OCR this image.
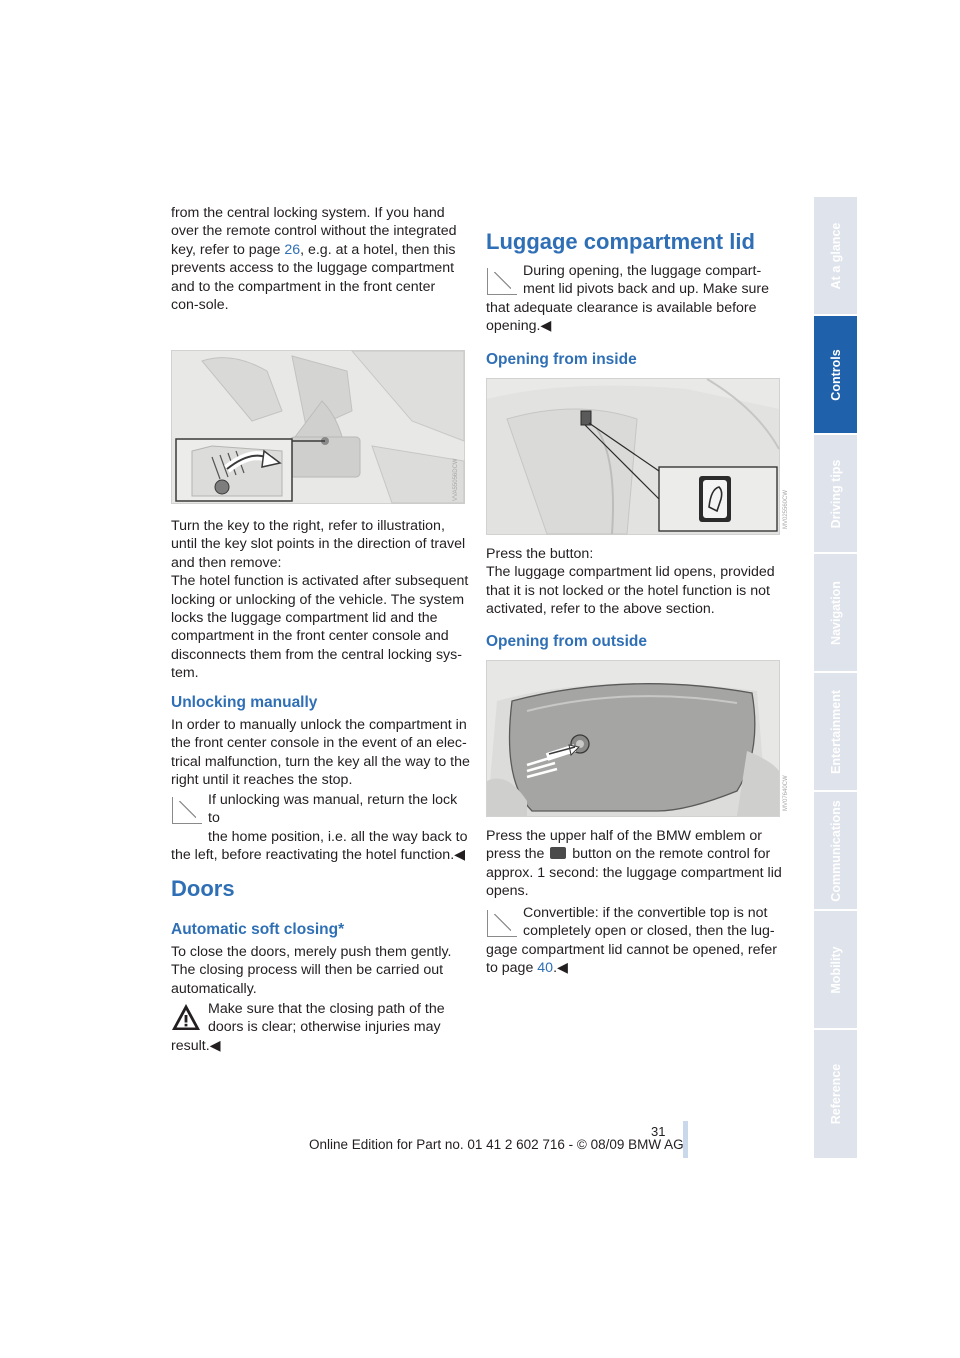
from the central locking system. If you hand over the remote control without the integrated key, refer to page 26, e.g. at a hotel, then this prevents access to the luggage compartment and to the compartment in the front center con-sole.
VVA55056DCW

Turn the key to the right, refer to illustration,

until the key slot points in the direction of travel

and then remove:

The hotel function is activated after subsequent

locking or unlocking of the vehicle. The system

locks the luggage compartment lid and the

compartment in the front center console and

disconnects them from the central locking sys-

tem.

Unlocking manually

In order to manually unlock the compartment in

the front center console in the event of an elec-

trical malfunction, turn the key all the way to the

right until it reaches the stop.

If unlocking was manual, return the lock to

the home position, i.e. all the way back to

the left, before reactivating the hotel function.◀

Doors
Automatic soft closing*

To close the doors, merely push them gently.

The closing process will then be carried out

automatically.

Make sure that the closing path of the

doors is clear; otherwise injuries may

result.◀

Luggage compartment lid

During opening, the luggage compart-

ment lid pivots back and up. Make sure

that adequate clearance is available before

opening.◀

Opening from inside
MV025560CW

Press the button:

The luggage compartment lid opens, provided

that it is not locked or the hotel function is not

activated, refer to the above section.

Opening from outside
MV07640CW

Press the upper half of the BMW emblem or

press the button on the remote control for

approx. 1 second: the luggage compartment lid

opens.

Convertible: if the convertible top is not

completely open or closed, then the lug-

gage compartment lid cannot be opened, refer

to page 40.◀

At a glance
Controls
Driving tips
Navigation
Entertainment
Communications
Mobility
Reference
31
Online Edition for Part no. 01 41 2 602 716 - © 08/09 BMW AG
